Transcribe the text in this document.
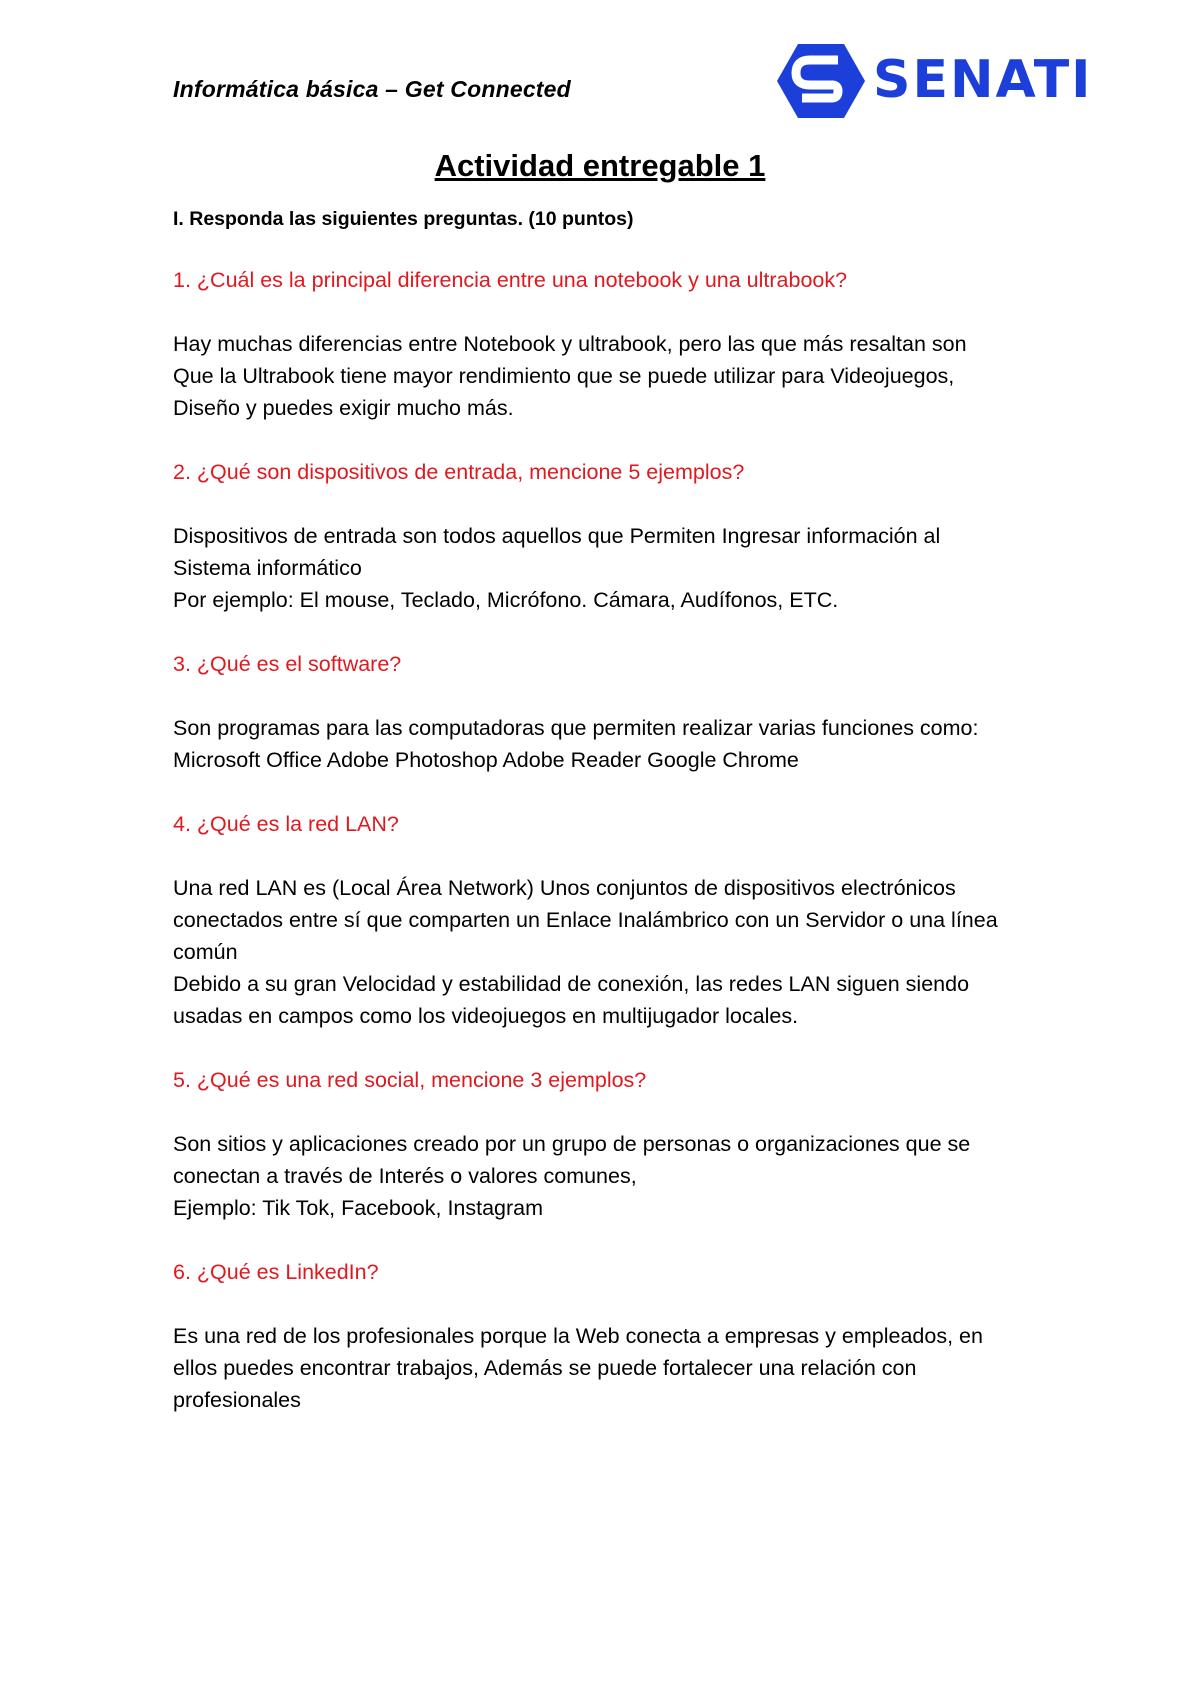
Informática básica – Get Connected	SENATI
Actividad entregable 1
I. Responda las siguientes preguntas. (10 puntos)
1. ¿Cuál es la principal diferencia entre una notebook y una ultrabook?

Hay muchas diferencias entre Notebook y ultrabook, pero las que más resaltan son

Que la Ultrabook tiene mayor rendimiento que se puede utilizar para Videojuegos,

Diseño y puedes exigir mucho más.

2. ¿Qué son dispositivos de entrada, mencione 5 ejemplos?

Dispositivos de entrada son todos aquellos que Permiten Ingresar información al

Sistema informático

Por ejemplo: El mouse, Teclado, Micrófono. Cámara, Audífonos, ETC.

3. ¿Qué es el software?

Son programas para las computadoras que permiten realizar varias funciones como:

Microsoft Office Adobe Photoshop Adobe Reader Google Chrome

4. ¿Qué es la red LAN?

Una red LAN es (Local Área Network) Unos conjuntos de dispositivos electrónicos

conectados entre sí que comparten un Enlace Inalámbrico con un Servidor o una línea

común

Debido a su gran Velocidad y estabilidad de conexión, las redes LAN siguen siendo

usadas en campos como los videojuegos en multijugador locales.

5. ¿Qué es una red social, mencione 3 ejemplos?

Son sitios y aplicaciones creado por un grupo de personas o organizaciones que se

conectan a través de Interés o valores comunes,

Ejemplo: Tik Tok, Facebook, Instagram

6. ¿Qué es LinkedIn?

Es una red de los profesionales porque la Web conecta a empresas y empleados, en

ellos puedes encontrar trabajos, Además se puede fortalecer una relación con

profesionales
